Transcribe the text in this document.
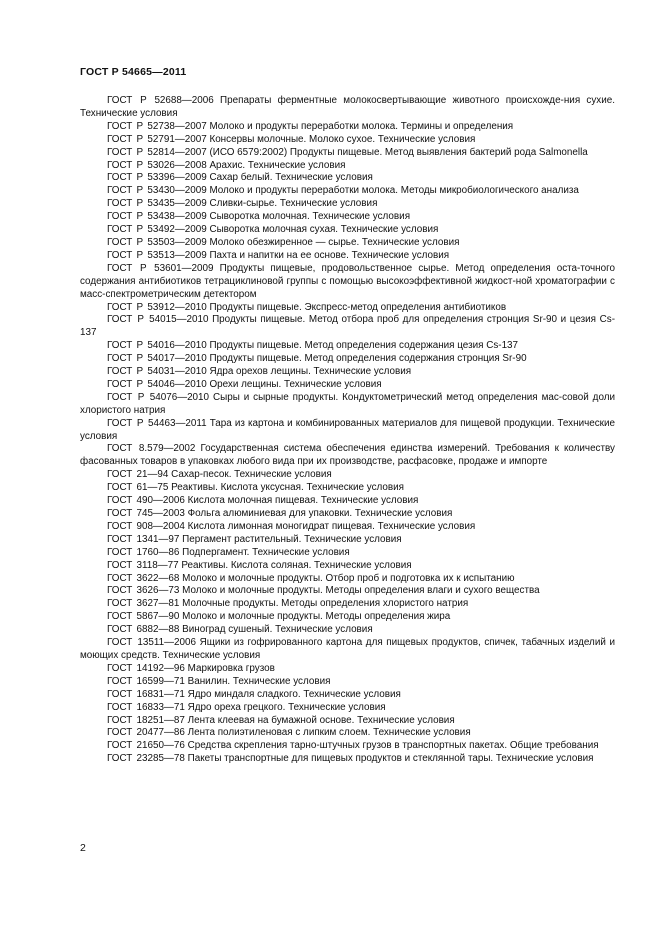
ГОСТ Р 54665—2011

ГОСТ Р 52688—2006 Препараты ферментные молокосвертывающие животного происхожде-ния сухие. Технические условия

ГОСТ Р 52738—2007 Молоко и продукты переработки молока. Термины и определения

ГОСТ Р 52791—2007 Консервы молочные. Молоко сухое. Технические условия

ГОСТ Р 52814—2007 (ИСО 6579:2002) Продукты пищевые. Метод выявления бактерий рода Salmonella

ГОСТ Р 53026—2008 Арахис. Технические условия

ГОСТ Р 53396—2009 Сахар белый. Технические условия

ГОСТ Р 53430—2009 Молоко и продукты переработки молока. Методы микробиологического анализа

ГОСТ Р 53435—2009 Сливки-сырье. Технические условия

ГОСТ Р 53438—2009 Сыворотка молочная. Технические условия

ГОСТ Р 53492—2009 Сыворотка молочная сухая. Технические условия

ГОСТ Р 53503—2009 Молоко обезжиренное — сырье. Технические условия

ГОСТ Р 53513—2009 Пахта и напитки на ее основе. Технические условия

ГОСТ Р 53601—2009 Продукты пищевые, продовольственное сырье. Метод определения оста-точного содержания антибиотиков тетрациклиновой группы с помощью высокоэффективной жидкост-ной хроматографии с масс-спектрометрическим детектором

ГОСТ Р 53912—2010 Продукты пищевые. Экспресс-метод определения антибиотиков

ГОСТ Р 54015—2010 Продукты пищевые. Метод отбора проб для определения стронция Sr-90 и цезия Cs-137

ГОСТ Р 54016—2010 Продукты пищевые. Метод определения содержания цезия Cs-137

ГОСТ Р 54017—2010 Продукты пищевые. Метод определения содержания стронция Sr-90

ГОСТ Р 54031—2010 Ядра орехов лещины. Технические условия

ГОСТ Р 54046—2010 Орехи лещины. Технические условия

ГОСТ Р 54076—2010 Сыры и сырные продукты. Кондуктометрический метод определения мас-совой доли хлористого натрия

ГОСТ Р 54463—2011 Тара из картона и комбинированных материалов для пищевой продукции. Технические условия

ГОСТ 8.579—2002 Государственная система обеспечения единства измерений. Требования к количеству фасованных товаров в упаковках любого вида при их производстве, расфасовке, продаже и импорте

ГОСТ 21—94 Сахар-песок. Технические условия

ГОСТ 61—75 Реактивы. Кислота уксусная. Технические условия

ГОСТ 490—2006 Кислота молочная пищевая. Технические условия

ГОСТ 745—2003 Фольга алюминиевая для упаковки. Технические условия

ГОСТ 908—2004 Кислота лимонная моногидрат пищевая. Технические условия

ГОСТ 1341—97 Пергамент растительный. Технические условия

ГОСТ 1760—86 Подпергамент. Технические условия

ГОСТ 3118—77 Реактивы. Кислота соляная. Технические условия

ГОСТ 3622—68 Молоко и молочные продукты. Отбор проб и подготовка их к испытанию

ГОСТ 3626—73 Молоко и молочные продукты. Методы определения влаги и сухого вещества

ГОСТ 3627—81 Молочные продукты. Методы определения хлористого натрия

ГОСТ 5867—90 Молоко и молочные продукты. Методы определения жира

ГОСТ 6882—88 Виноград сушеный. Технические условия

ГОСТ 13511—2006 Ящики из гофрированного картона для пищевых продуктов, спичек, табачных изделий и моющих средств. Технические условия

ГОСТ 14192—96 Маркировка грузов

ГОСТ 16599—71 Ванилин. Технические условия

ГОСТ 16831—71 Ядро миндаля сладкого. Технические условия

ГОСТ 16833—71 Ядро ореха грецкого. Технические условия

ГОСТ 18251—87 Лента клеевая на бумажной основе. Технические условия

ГОСТ 20477—86 Лента полиэтиленовая с липким слоем. Технические условия

ГОСТ 21650—76 Средства скрепления тарно-штучных грузов в транспортных пакетах. Общие требования

ГОСТ 23285—78 Пакеты транспортные для пищевых продуктов и стеклянной тары. Технические условия

2
